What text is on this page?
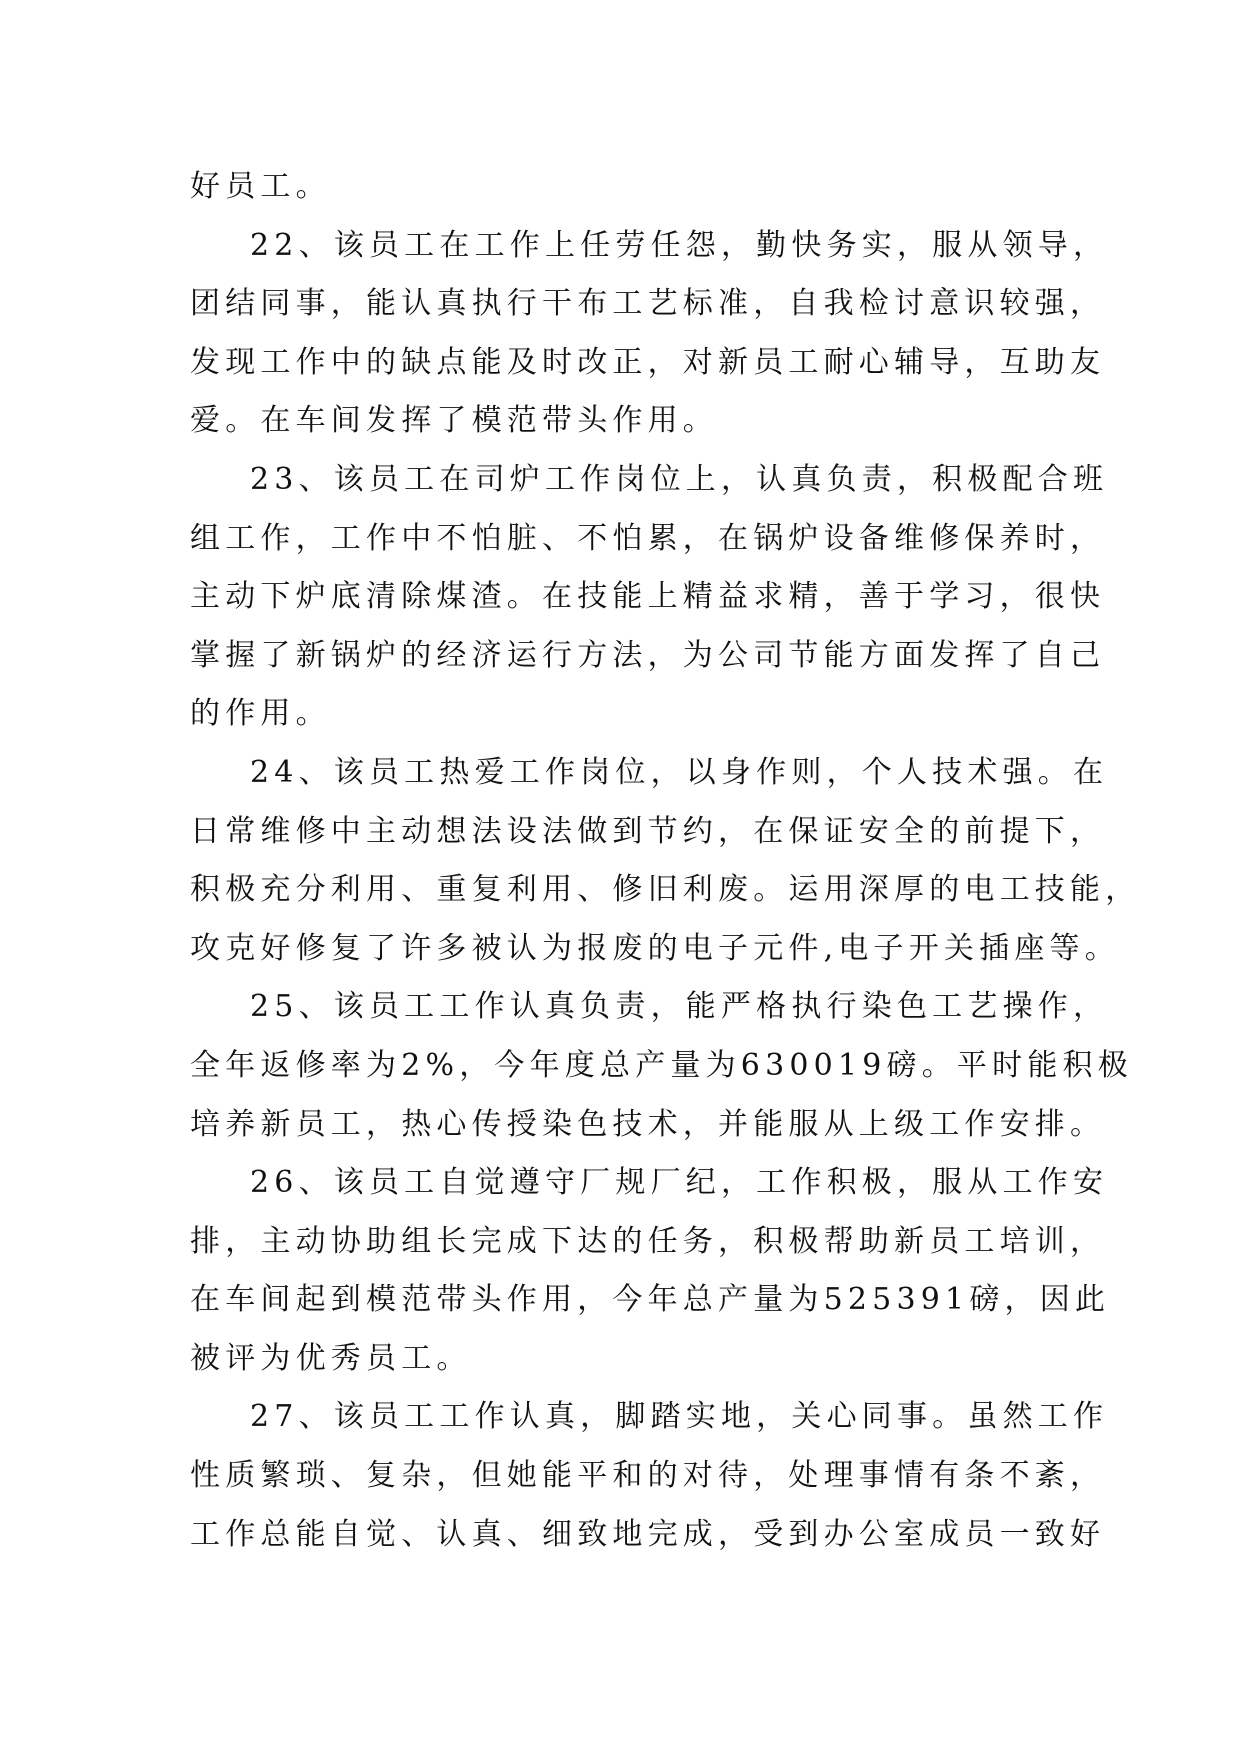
好员工。
22、该员工在工作上任劳任怨，勤快务实，服从领导，
团结同事，能认真执行干布工艺标准，自我检讨意识较强，
发现工作中的缺点能及时改正，对新员工耐心辅导，互助友
爱。在车间发挥了模范带头作用。
23、该员工在司炉工作岗位上，认真负责，积极配合班
组工作，工作中不怕脏、不怕累，在锅炉设备维修保养时，
主动下炉底清除煤渣。在技能上精益求精，善于学习，很快
掌握了新锅炉的经济运行方法，为公司节能方面发挥了自己
的作用。
24、该员工热爱工作岗位，以身作则，个人技术强。在
日常维修中主动想法设法做到节约，在保证安全的前提下，
积极充分利用、重复利用、修旧利废。运用深厚的电工技能，
攻克好修复了许多被认为报废的电子元件,电子开关插座等。
25、该员工工作认真负责，能严格执行染色工艺操作，
全年返修率为2%，今年度总产量为630019磅。平时能积极
培养新员工，热心传授染色技术，并能服从上级工作安排。
26、该员工自觉遵守厂规厂纪，工作积极，服从工作安
排，主动协助组长完成下达的任务，积极帮助新员工培训，
在车间起到模范带头作用，今年总产量为525391磅，因此
被评为优秀员工。
27、该员工工作认真，脚踏实地，关心同事。虽然工作
性质繁琐、复杂，但她能平和的对待，处理事情有条不紊，
工作总能自觉、认真、细致地完成，受到办公室成员一致好
